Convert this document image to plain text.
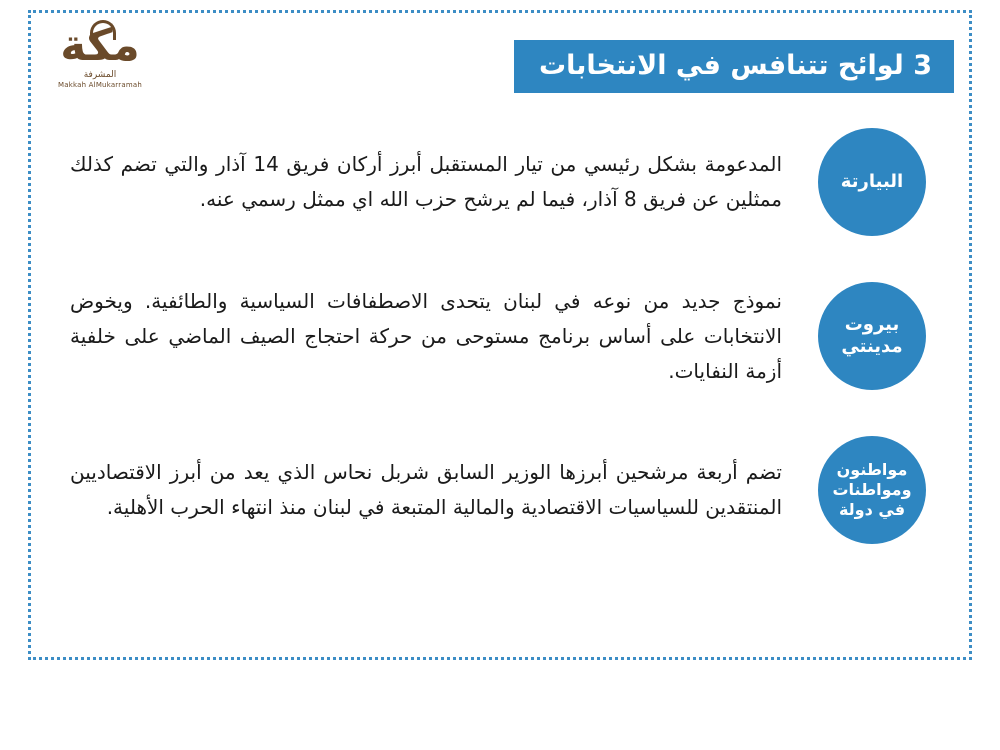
مكة
المشرفة
Makkah AlMukarramah
3 لوائح تتنافس في الانتخابات
البيارتة
المدعومة بشكل رئيسي من تيار المستقبل أبرز أركان فريق 14 آذار والتي تضم كذلك ممثلين عن فريق 8 آذار، فيما لم يرشح حزب الله اي ممثل رسمي عنه.
بيروت مدينتي
نموذج جديد من نوعه في لبنان يتحدى الاصطفافات السياسية والطائفية. ويخوض الانتخابات على أساس برنامج مستوحى من حركة احتجاج الصيف الماضي على خلفية أزمة النفايات.
مواطنون ومواطنات في دولة
تضم أربعة مرشحين أبرزها الوزير السابق شربل نحاس الذي يعد من أبرز الاقتصاديين المنتقدين للسياسيات الاقتصادية والمالية المتبعة في لبنان منذ انتهاء الحرب الأهلية.
